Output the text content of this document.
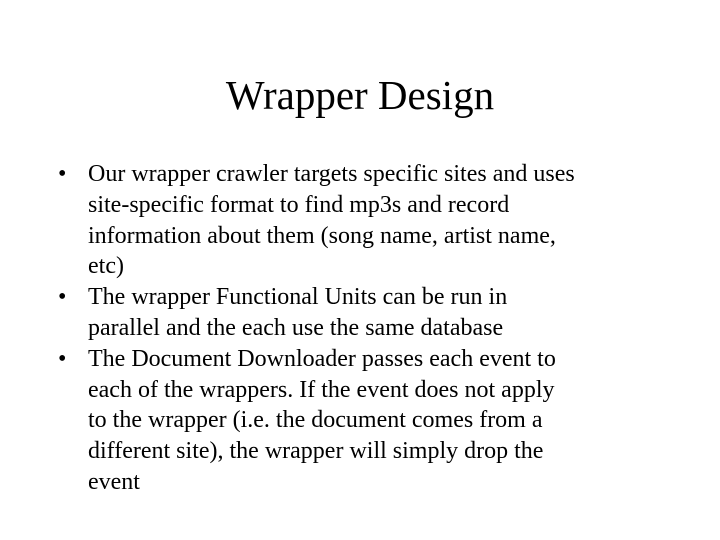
Wrapper Design
• Our wrapper crawler targets specific sites and uses
site-specific format to find mp3s and record
information about them (song name, artist name,
etc)
• The wrapper Functional Units can be run in
parallel and the each use the same database
• The Document Downloader passes each event to
each of the wrappers. If the event does not apply
to the wrapper (i.e. the document comes from a
different site), the wrapper will simply drop the
event
